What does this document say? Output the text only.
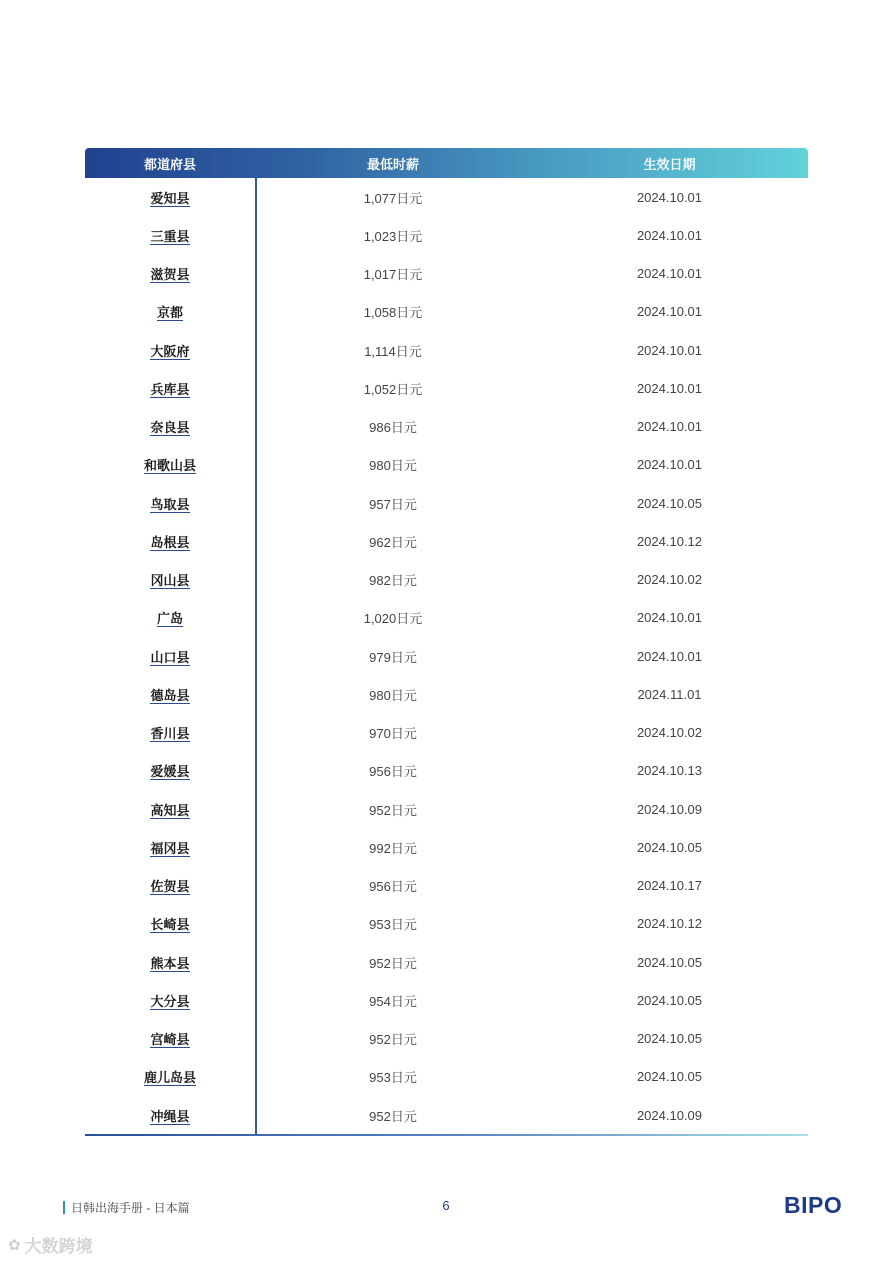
都道府县	最低时薪	生效日期
爱知县	1,077日元	2024.10.01
三重县	1,023日元	2024.10.01
滋贺县	1,017日元	2024.10.01
京都	1,058日元	2024.10.01
大阪府	1,114日元	2024.10.01
兵库县	1,052日元	2024.10.01
奈良县	986日元	2024.10.01
和歌山县	980日元	2024.10.01
鸟取县	957日元	2024.10.05
岛根县	962日元	2024.10.12
冈山县	982日元	2024.10.02
广岛	1,020日元	2024.10.01
山口县	979日元	2024.10.01
德岛县	980日元	2024.11.01
香川县	970日元	2024.10.02
爱媛县	956日元	2024.10.13
高知县	952日元	2024.10.09
福冈县	992日元	2024.10.05
佐贺县	956日元	2024.10.17
长崎县	953日元	2024.10.12
熊本县	952日元	2024.10.05
大分县	954日元	2024.10.05
宫崎县	952日元	2024.10.05
鹿儿岛县	953日元	2024.10.05
冲绳县	952日元	2024.10.09
日韩出海手册 - 日本篇	6	BIPO
✿ 大数跨境
